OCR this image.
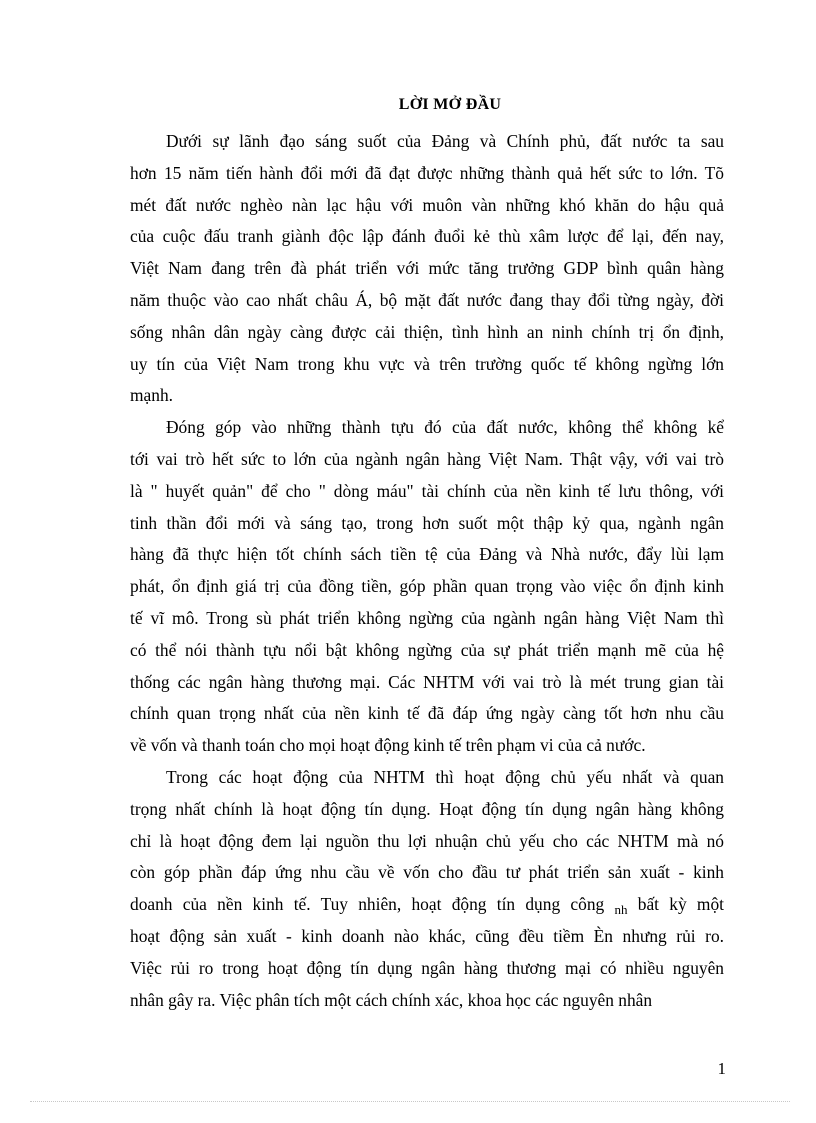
LỜI MỞ ĐẦU
Dưới sự lãnh đạo sáng suốt của Đảng và Chính phủ, đất nước ta sau
hơn 15 năm tiến hành đổi mới đã đạt được những thành quả hết sức to lớn. Tõ
mét đất nước nghèo nàn lạc hậu với muôn vàn những khó khăn do hậu quả
của cuộc đấu tranh giành độc lập đánh đuổi kẻ thù xâm lược để lại, đến nay,
Việt Nam đang trên đà phát triển với mức tăng trưởng GDP bình quân hàng
năm thuộc vào cao nhất châu Á, bộ mặt đất nước đang thay đổi từng ngày, đời
sống nhân dân ngày càng được cải thiện, tình hình an ninh chính trị ổn định,
uy tín của Việt Nam trong khu vực và trên trường quốc tế không ngừng lớn
mạnh.
Đóng góp vào những thành tựu đó của đất nước, không thể không kể
tới vai trò hết sức to lớn của ngành ngân hàng Việt Nam. Thật vậy, với vai trò
là " huyết quản" để cho " dòng máu" tài chính của nền kinh tế lưu thông, với
tinh thần đổi mới và sáng tạo, trong hơn suốt một thập kỷ qua, ngành ngân
hàng đã thực hiện tốt chính sách tiền tệ của Đảng và Nhà nước, đẩy lùi lạm
phát, ổn định giá trị của đồng tiền, góp phần quan trọng vào việc ổn định kinh
tế vĩ mô. Trong sù phát triển không ngừng của ngành ngân hàng Việt Nam thì
có thể nói thành tựu nổi bật không ngừng của sự phát triển mạnh mẽ của hệ
thống các ngân hàng thương mại. Các NHTM với vai trò là mét trung gian tài
chính quan trọng nhất của nền kinh tế đã đáp ứng ngày càng tốt hơn nhu cầu
về vốn và thanh toán cho mọi hoạt động kinh tế trên phạm vi của cả nước.
Trong các hoạt động của NHTM thì hoạt động chủ yếu nhất và quan
trọng nhất chính là hoạt động tín dụng. Hoạt động tín dụng ngân hàng không
chỉ là hoạt động đem lại nguồn thu lợi nhuận chủ yếu cho các NHTM mà nó
còn góp phần đáp ứng nhu cầu về vốn cho đầu tư phát triển sản xuất - kinh
doanh của nền kinh tế. Tuy nhiên, hoạt động tín dụng công $_{nh}$ bất kỳ một
hoạt động sản xuất - kinh doanh nào khác, cũng đều tiềm Èn nhưng rủi ro.
Việc rủi ro trong hoạt động tín dụng ngân hàng thương mại có nhiều nguyên
nhân gây ra. Việc phân tích một cách chính xác, khoa học các nguyên nhân
1
